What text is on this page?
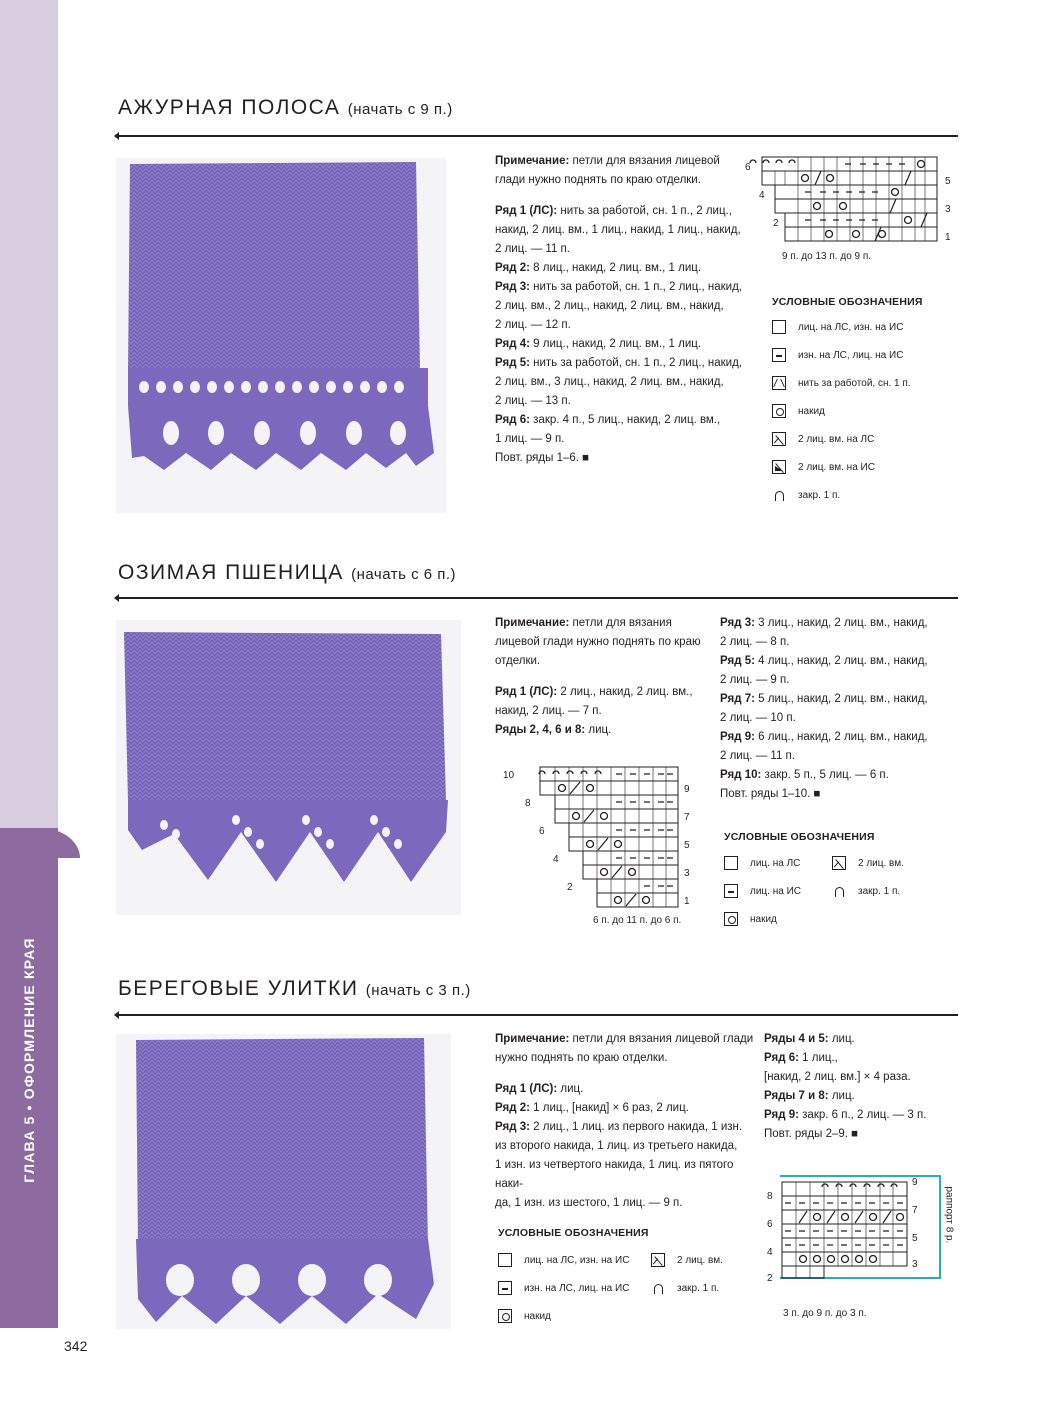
ГЛАВА 5 • ОФОРМЛЕНИЕ КРАЯ
342
АЖУРНАЯ ПОЛОСА (начать с 9 п.)

Примечание: петли для вязания лицевой
глади нужно поднять по краю отделки.

Ряд 1 (ЛС): нить за работой, сн. 1 п., 2 лиц.,
накид, 2 лиц. вм., 1 лиц., накид, 1 лиц., накид,
2 лиц. — 11 п.

Ряд 2: 8 лиц., накид, 2 лиц. вм., 1 лиц.

Ряд 3: нить за работой, сн. 1 п., 2 лиц., накид,
2 лиц. вм., 2 лиц., накид, 2 лиц. вм., накид,
2 лиц. — 12 п.

Ряд 4: 9 лиц., накид, 2 лиц. вм., 1 лиц.

Ряд 5: нить за работой, сн. 1 п., 2 лиц., накид,
2 лиц. вм., 3 лиц., накид, 2 лиц. вм., накид,
2 лиц. — 13 п.

Ряд 6: закр. 4 п., 5 лиц., накид, 2 лиц. вм.,
1 лиц. — 9 п.

Повт. ряды 1–6. ■

6
4
2
5
3
1
9 п. до 13 п. до 9 п.
УСЛОВНЫЕ ОБОЗНАЧЕНИЯ
лиц. на ЛС, изн. на ИС
изн. на ЛС, лиц. на ИС
нить за работой, сн. 1 п.
накид
2 лиц. вм. на ЛС
2 лиц. вм. на ИС
закр. 1 п.
ОЗИМАЯ ПШЕНИЦА (начать с 6 п.)

Примечание: петли для вязания
лицевой глади нужно поднять по краю
отделки.

Ряд 1 (ЛС): 2 лиц., накид, 2 лиц. вм.,
накид, 2 лиц. — 7 п.

Ряды 2, 4, 6 и 8: лиц.

Ряд 3: 3 лиц., накид, 2 лиц. вм., накид,
2 лиц. — 8 п.

Ряд 5: 4 лиц., накид, 2 лиц. вм., накид,
2 лиц. — 9 п.

Ряд 7: 5 лиц., накид, 2 лиц. вм., накид,
2 лиц. — 10 п.

Ряд 9: 6 лиц., накид, 2 лиц. вм., накид,
2 лиц. — 11 п.

Ряд 10: закр. 5 п., 5 лиц. — 6 п.

Повт. ряды 1–10. ■

10
8
6
4
2
9
7
5
3
1
6 п. до 11 п. до 6 п.
УСЛОВНЫЕ ОБОЗНАЧЕНИЯ
лиц. на ЛС	2 лиц. вм.
лиц. на ИС	закр. 1 п.
накид
БЕРЕГОВЫЕ УЛИТКИ (начать с 3 п.)

Примечание: петли для вязания лицевой глади
нужно поднять по краю отделки.

Ряд 1 (ЛС): лиц.

Ряд 2: 1 лиц., [накид] × 6 раз, 2 лиц.

Ряд 3: 2 лиц., 1 лиц. из первого накида, 1 изн.
из второго накида, 1 лиц. из третьего накида,
1 изн. из четвертого накида, 1 лиц. из пятого нaки-
да, 1 изн. из шестого, 1 лиц. — 9 п.

Ряды 4 и 5: лиц.

Ряд 6: 1 лиц.,
[накид, 2 лиц. вм.] × 4 раза.

Ряды 7 и 8: лиц.

Ряд 9: закр. 6 п., 2 лиц. — 3 п.

Повт. ряды 2–9. ■

УСЛОВНЫЕ ОБОЗНАЧЕНИЯ
лиц. на ЛС, изн. на ИС	2 лиц. вм.
изн. на ЛС, лиц. на ИС	закр. 1 п.
накид
8
6
4
2
9
7
5
3
раппорт 8 р.
3 п. до 9 п. до 3 п.
